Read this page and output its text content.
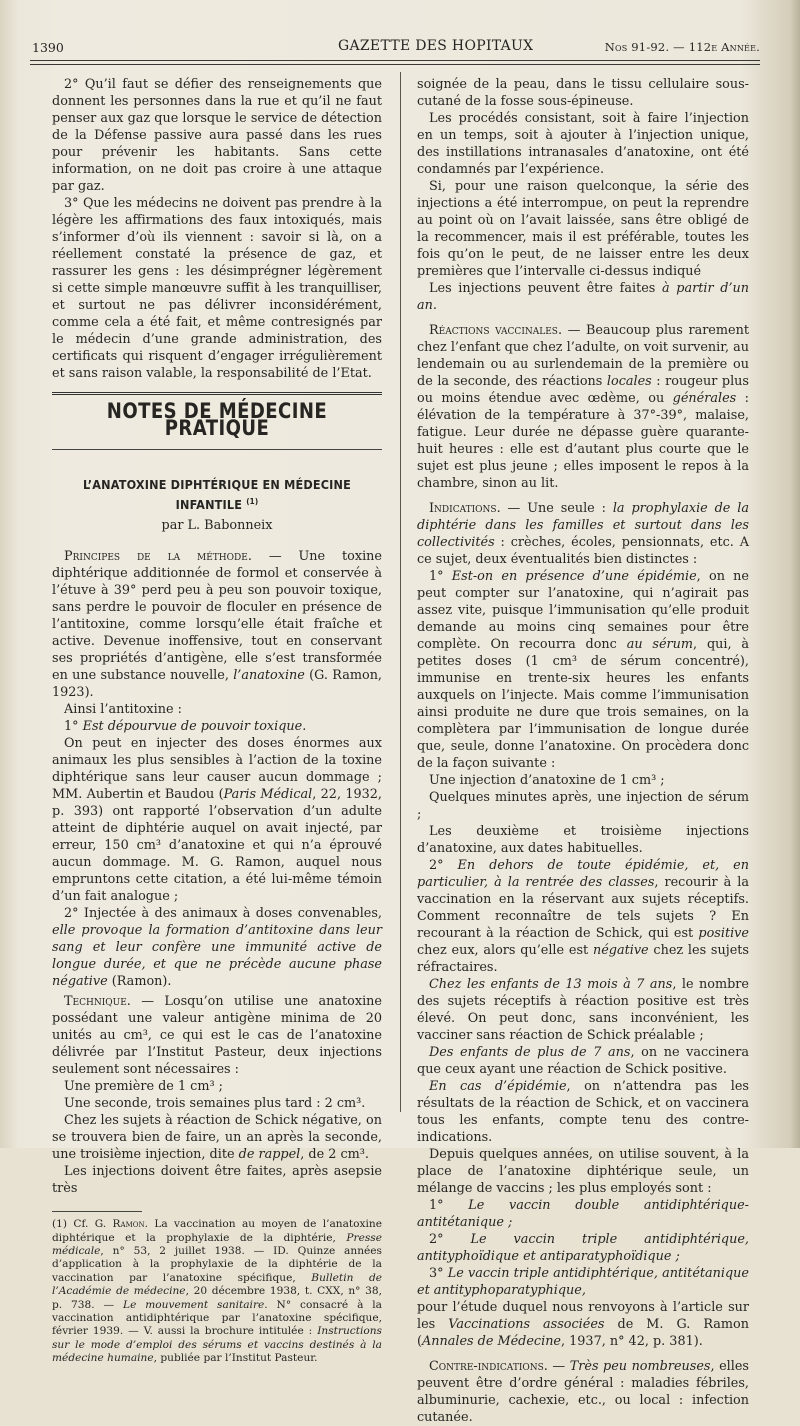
1390	GAZETTE DES HOPITAUX	Nos 91-92. — 112e Année.

2° Qu’il faut se défier des renseignements que donnent les personnes dans la rue et qu’il ne faut penser aux gaz que lorsque le service de détection de la Défense passive aura passé dans les rues pour prévenir les habitants. Sans cette information, on ne doit pas croire à une attaque par gaz.

3° Que les médecins ne doivent pas prendre à la légère les affirmations des faux intoxiqués, mais s’informer d’où ils viennent : savoir si là, on a réellement constaté la présence de gaz, et rassurer les gens : les désimprégner légèrement si cette simple manœuvre suffit à les tranquilliser, et surtout ne pas délivrer inconsidérément, comme cela a été fait, et même contresignés par le médecin d’une grande administration, des certificats qui risquent d’engager irrégulièrement et sans raison valable, la responsabilité de l’Etat.

NOTES DE MÉDECINE PRATIQUE
L’ANATOXINE DIPHTÉRIQUE EN MÉDECINE INFANTILE $^{(1)}$
par L. Babonneix

Principes de la méthode. — Une toxine diphtérique additionnée de formol et conservée à l’étuve à 39° perd peu à peu son pouvoir toxique, sans perdre le pouvoir de floculer en présence de l’antitoxine, comme lorsqu’elle était fraîche et active. Devenue inoffensive, tout en conservant ses propriétés d’antigène, elle s’est transformée en une substance nouvelle, l’anatoxine (G. Ramon, 1923).

Ainsi l’antitoxine :

1° Est dépourvue de pouvoir toxique.

On peut en injecter des doses énormes aux animaux les plus sensibles à l’action de la toxine diphtérique sans leur causer aucun dommage ; MM. Aubertin et Baudou (Paris Médical, 22, 1932, p. 393) ont rapporté l’observation d’un adulte atteint de diphtérie auquel on avait injecté, par erreur, 150 cm³ d’anatoxine et qui n’a éprouvé aucun dommage. M. G. Ramon, auquel nous empruntons cette citation, a été lui-même témoin d’un fait analogue ;

2° Injectée à des animaux à doses convenables, elle provoque la formation d’antitoxine dans leur sang et leur confère une immunité active de longue durée, et que ne précède aucune phase négative (Ramon).

Technique. — Losqu’on utilise une anatoxine possédant une valeur antigène minima de 20 unités au cm³, ce qui est le cas de l’anatoxine délivrée par l’Institut Pasteur, deux injections seulement sont nécessaires :

Une première de 1 cm³ ;

Une seconde, trois semaines plus tard : 2 cm³.

Chez les sujets à réaction de Schick négative, on se trouvera bien de faire, un an après la seconde, une troisième injection, dite de rappel, de 2 cm³.

Les injections doivent être faites, après asepsie très

(1) Cf. G. Ramon. La vaccination au moyen de l’anatoxine diphtérique et la prophylaxie de la diphtérie, Presse médicale, n° 53, 2 juillet 1938. — ID. Quinze années d’application à la prophylaxie de la diphtérie de la vaccination par l’anatoxine spécifique, Bulletin de l’Académie de médecine, 20 décembre 1938, t. CXX, n° 38, p. 738. — Le mouvement sanitaire. N° consacré à la vaccination antidiphtérique par l’anatoxine spécifique, février 1939. — V. aussi la brochure intitulée : Instructions sur le mode d’emploi des sérums et vaccins destinés à la médecine humaine, publiée par l’Institut Pasteur.

soignée de la peau, dans le tissu cellulaire sous-cutané de la fosse sous-épineuse.

Les procédés consistant, soit à faire l’injection en un temps, soit à ajouter à l’injection unique, des instillations intranasales d’anatoxine, ont été condamnés par l’expérience.

Si, pour une raison quelconque, la série des injections a été interrompue, on peut la reprendre au point où on l’avait laissée, sans être obligé de la recommencer, mais il est préférable, toutes les fois qu’on le peut, de ne laisser entre les deux premières que l’intervalle ci-dessus indiqué

Les injections peuvent être faites à partir d’un an.

Réactions vaccinales. — Beaucoup plus rarement chez l’enfant que chez l’adulte, on voit survenir, au lendemain ou au surlendemain de la première ou de la seconde, des réactions locales : rougeur plus ou moins étendue avec œdème, ou générales : élévation de la température à 37°-39°, malaise, fatigue. Leur durée ne dépasse guère quarante-huit heures : elle est d’autant plus courte que le sujet est plus jeune ; elles imposent le repos à la chambre, sinon au lit.

Indications. — Une seule : la prophylaxie de la diphtérie dans les familles et surtout dans les collectivités : crèches, écoles, pensionnats, etc. A ce sujet, deux éventualités bien distinctes :

1° Est-on en présence d’une épidémie, on ne peut compter sur l’anatoxine, qui n’agirait pas assez vite, puisque l’immunisation qu’elle produit demande au moins cinq semaines pour être complète. On recourra donc au sérum, qui, à petites doses (1 cm³ de sérum concentré), immunise en trente-six heures les enfants auxquels on l’injecte. Mais comme l’immunisation ainsi produite ne dure que trois semaines, on la complètera par l’immunisation de longue durée que, seule, donne l’anatoxine. On procèdera donc de la façon suivante :

Une injection d’anatoxine de 1 cm³ ;

Quelques minutes après, une injection de sérum ;

Les deuxième et troisième injections d’anatoxine, aux dates habituelles.

2° En dehors de toute épidémie, et, en particulier, à la rentrée des classes, recourir à la vaccination en la réservant aux sujets réceptifs. Comment reconnaître de tels sujets ? En recourant à la réaction de Schick, qui est positive chez eux, alors qu’elle est négative chez les sujets réfractaires.

Chez les enfants de 13 mois à 7 ans, le nombre des sujets réceptifs à réaction positive est très élevé. On peut donc, sans inconvénient, les vacciner sans réaction de Schick préalable ;

Des enfants de plus de 7 ans, on ne vaccinera que ceux ayant une réaction de Schick positive.

En cas d’épidémie, on n’attendra pas les résultats de la réaction de Schick, et on vaccinera tous les enfants, compte tenu des contre-indications.

Depuis quelques années, on utilise souvent, à la place de l’anatoxine diphtérique seule, un mélange de vaccins ; les plus employés sont :

1° Le vaccin double antidiphtérique-antitétanique ;

2° Le vaccin triple antidiphtérique, antityphoïdique et antiparatyphoïdique ;

3° Le vaccin triple antidiphtérique, antitétanique et antityphoparatyphique,

pour l’étude duquel nous renvoyons à l’article sur les Vaccinations associées de M. G. Ramon (Annales de Médecine, 1937, n° 42, p. 381).

Contre-indications. — Très peu nombreuses, elles peuvent être d’ordre général : maladies fébriles, albuminurie, cachexie, etc., ou local : infection cutanée.
